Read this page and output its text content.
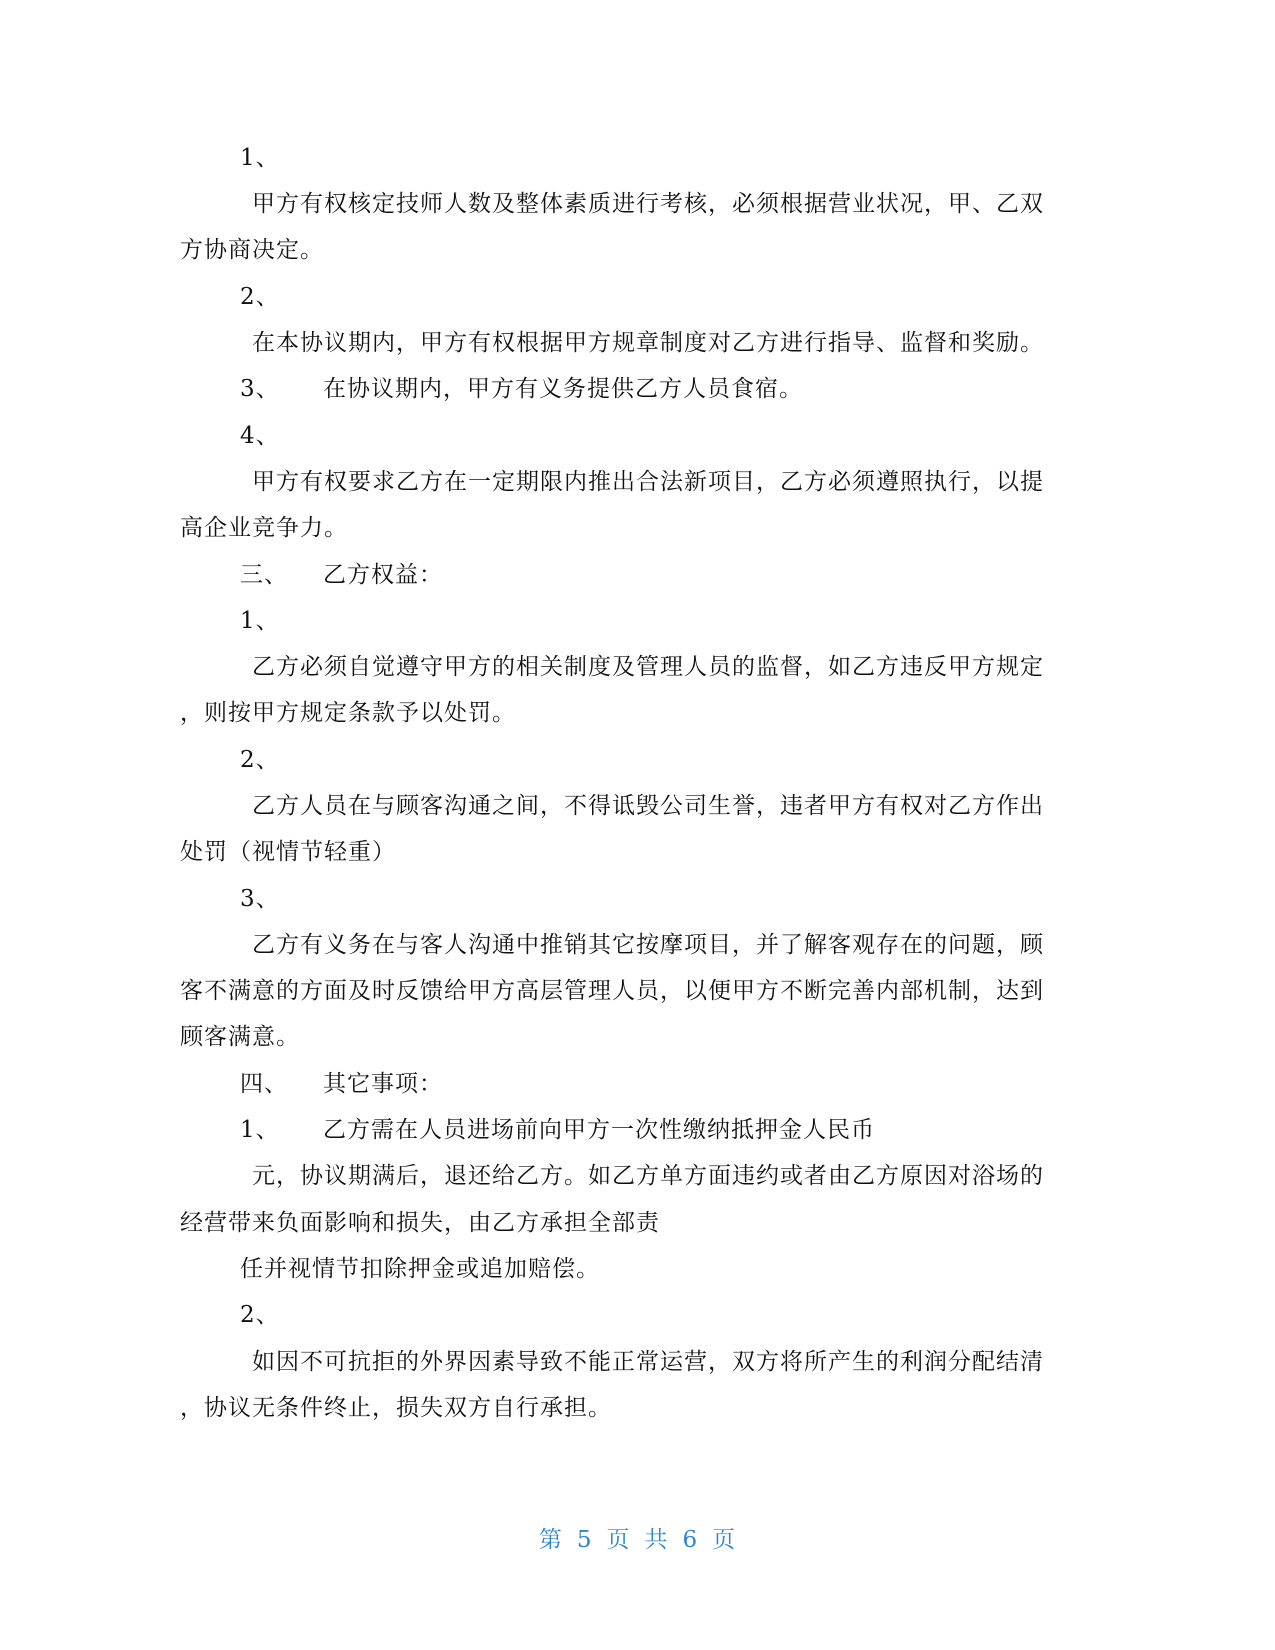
1、

甲方有权核定技师人数及整体素质进行考核，必须根据营业状况，甲、乙双

方协商决定。

2、

在本协议期内，甲方有权根据甲方规章制度对乙方进行指导、监督和奖励。

3、 在协议期内，甲方有义务提供乙方人员食宿。

4、

甲方有权要求乙方在一定期限内推出合法新项目，乙方必须遵照执行，以提

高企业竞争力。

三、 乙方权益：

1、

乙方必须自觉遵守甲方的相关制度及管理人员的监督，如乙方违反甲方规定

，则按甲方规定条款予以处罚。

2、

乙方人员在与顾客沟通之间，不得诋毁公司生誉，违者甲方有权对乙方作出

处罚（视情节轻重）

3、

乙方有义务在与客人沟通中推销其它按摩项目，并了解客观存在的问题，顾

客不满意的方面及时反馈给甲方高层管理人员，以便甲方不断完善内部机制，达到

顾客满意。

四、 其它事项：

1、 乙方需在人员进场前向甲方一次性缴纳抵押金人民币

元，协议期满后，退还给乙方。如乙方单方面违约或者由乙方原因对浴场的

经营带来负面影响和损失，由乙方承担全部责

任并视情节扣除押金或追加赔偿。

2、

如因不可抗拒的外界因素导致不能正常运营，双方将所产生的利润分配结清

，协议无条件终止，损失双方自行承担。

第 5 页 共 6 页
